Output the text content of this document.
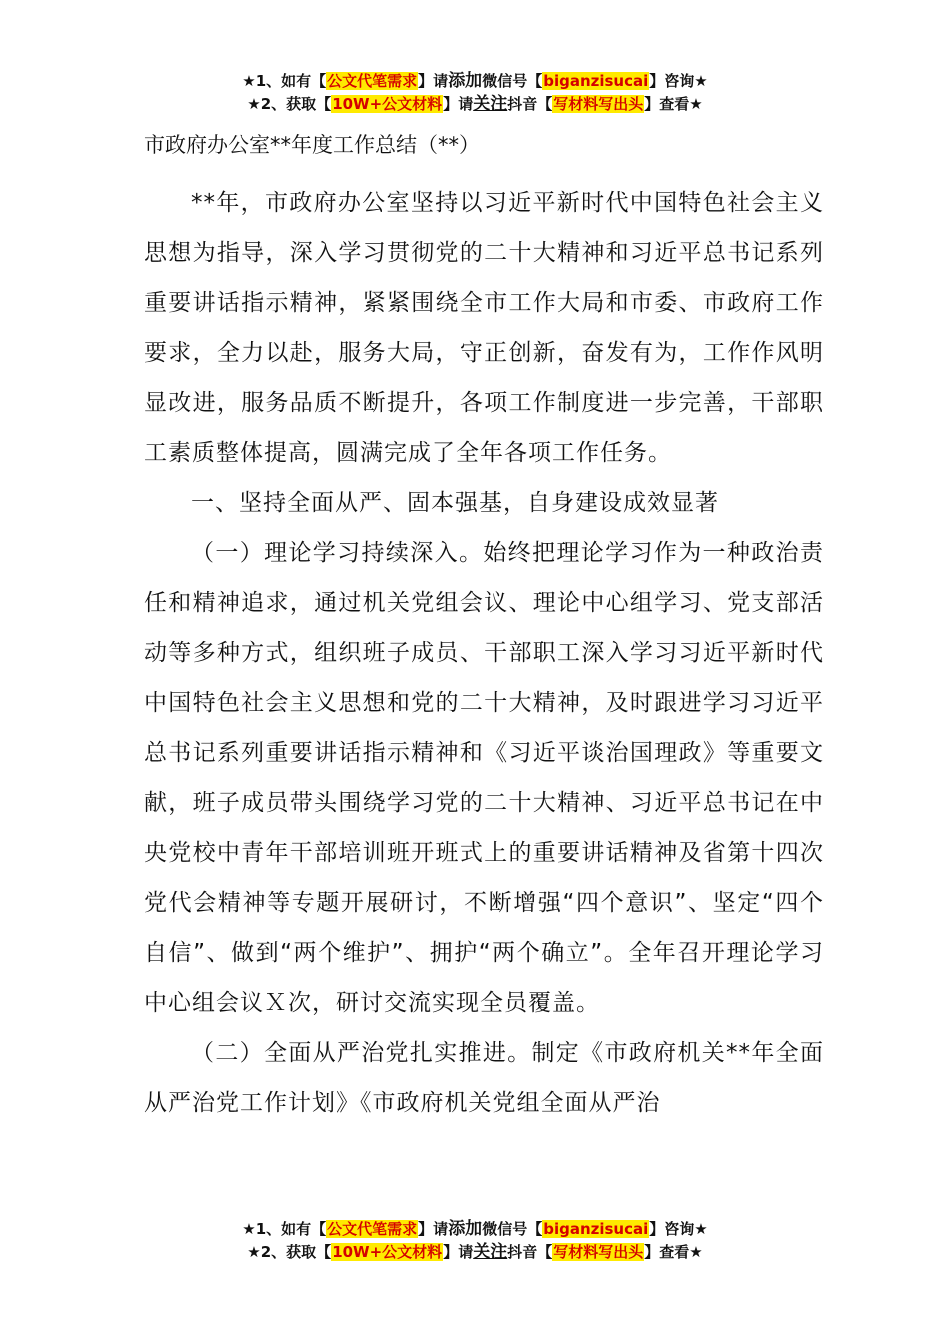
★1、如有【公文代笔需求】请添加微信号【biganzisucai】咨询★
★2、获取【10W+公文材料】请关注抖音【写材料写出头】查看★
市政府办公室**年度工作总结（**）

**年，市政府办公室坚持以习近平新时代中国特色社会主义思想为指导，深入学习贯彻党的二十大精神和习近平总书记系列重要讲话指示精神，紧紧围绕全市工作大局和市委、市政府工作要求，全力以赴，服务大局，守正创新，奋发有为，工作作风明显改进，服务品质不断提升，各项工作制度进一步完善，干部职工素质整体提高，圆满完成了全年各项工作任务。

一、坚持全面从严、固本强基，自身建设成效显著

（一）理论学习持续深入。始终把理论学习作为一种政治责任和精神追求，通过机关党组会议、理论中心组学习、党支部活动等多种方式，组织班子成员、干部职工深入学习习近平新时代中国特色社会主义思想和党的二十大精神，及时跟进学习习近平总书记系列重要讲话指示精神和《习近平谈治国理政》等重要文献，班子成员带头围绕学习党的二十大精神、习近平总书记在中央党校中青年干部培训班开班式上的重要讲话精神及省第十四次党代会精神等专题开展研讨，不断增强“四个意识”、坚定“四个自信”、做到“两个维护”、拥护“两个确立”。全年召开理论学习中心组会议Ｘ次，研讨交流实现全员覆盖。

（二）全面从严治党扎实推进。制定《市政府机关**年全面从严治党工作计划》《市政府机关党组全面从严治

★1、如有【公文代笔需求】请添加微信号【biganzisucai】咨询★
★2、获取【10W+公文材料】请关注抖音【写材料写出头】查看★
